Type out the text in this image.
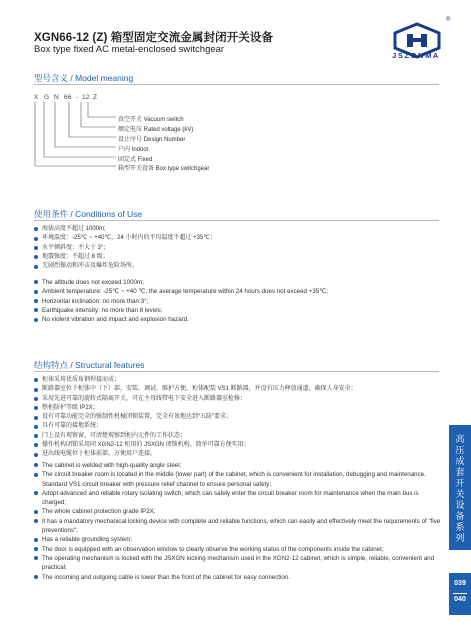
XGN66-12 (Z) 箱型固定交流金属封闭开关设备
Box type fixed AC metal-enclosed switchgear
®
JSZONMA
型号含义 / Model meaning
X G N 66 - 12 Z
真空开关 Vacuum switch
额定电压 Rated voltage (kV)
设计序号 Design Number
户内 Indoor
固定式 Fixed
箱型开关设备 Box type switchgear
使用条件 / Conditions of Use
海拔高度不超过 1000m;
环境温度：-25℃ ~ +40℃，24 小时内的平均温度不超过 +35℃；
水平倾斜度：不大于 3°；
地震强度：不超过 8 级；
无剧烈振动和冲击及爆炸危险场所。
The altitude does not exceed 1000m;
Ambient temperature: -25℃ ~ +40 ℃, the average temperature within 24 hours does not exceed +35℃;
Horizontal inclination: no more than 3°;
Earthquake intensity: no more than 8 levels;
No violent vibration and impact and explosion hazard.
结构特点 / Structural features
柜体采用优质角钢焊接而成；
断路器室位于柜体中（下）部，安装、调试、维护方便，柜体配装 VS1 断路器，并设有压力释放通道，确保人身安全；
采用先进可靠的旋转式隔离开关，可在主母线带电下安全进入断路器室检修；
整柜防护等级 IP2X；
设有可靠功能完全的强制性机械闭锁装置，完全有效地达到“五防”要求；
具有可靠的接地系统；
门上设有观察窗，可清楚观察到柜内元件的工作状态；
操作机构闭锁采用同 XGN2-12 柜用的 JSXGN 闭锁机构，简单可靠方便实用；
进出线电缆位于柜体前部，方便用户连接。
The cabinet is welded with high-quality angle steel;
The circuit breaker room is located in the middle (lower part) of the cabinet, which is convenient for installation, debugging and maintenance. Standard VS1 circuit breaker with pressure relief channel to ensure personal safety;
Adopt advanced and reliable rotary isolating switch, which can safely enter the circuit breaker room for maintenance when the main bus is charged;
The whole cabinet protection grade IP2X;
It has a mandatory mechanical locking device with complete and reliable functions, which can easily and effectively meet the requirements of "five preventions";
Has a reliable grounding system;
The door is equipped with an observation window to clearly observe the working status of the components inside the cabinet;
The operating mechanism is locked with the JSXGN locking mechanism used in the XGN2-12 cabinet, which is simple, reliable, convenient and practical;
The incoming and outgoing cable is lower than the front of the cabinet for easy connection.
高
压
成
套
开
关
设
备
系
列
039
040
